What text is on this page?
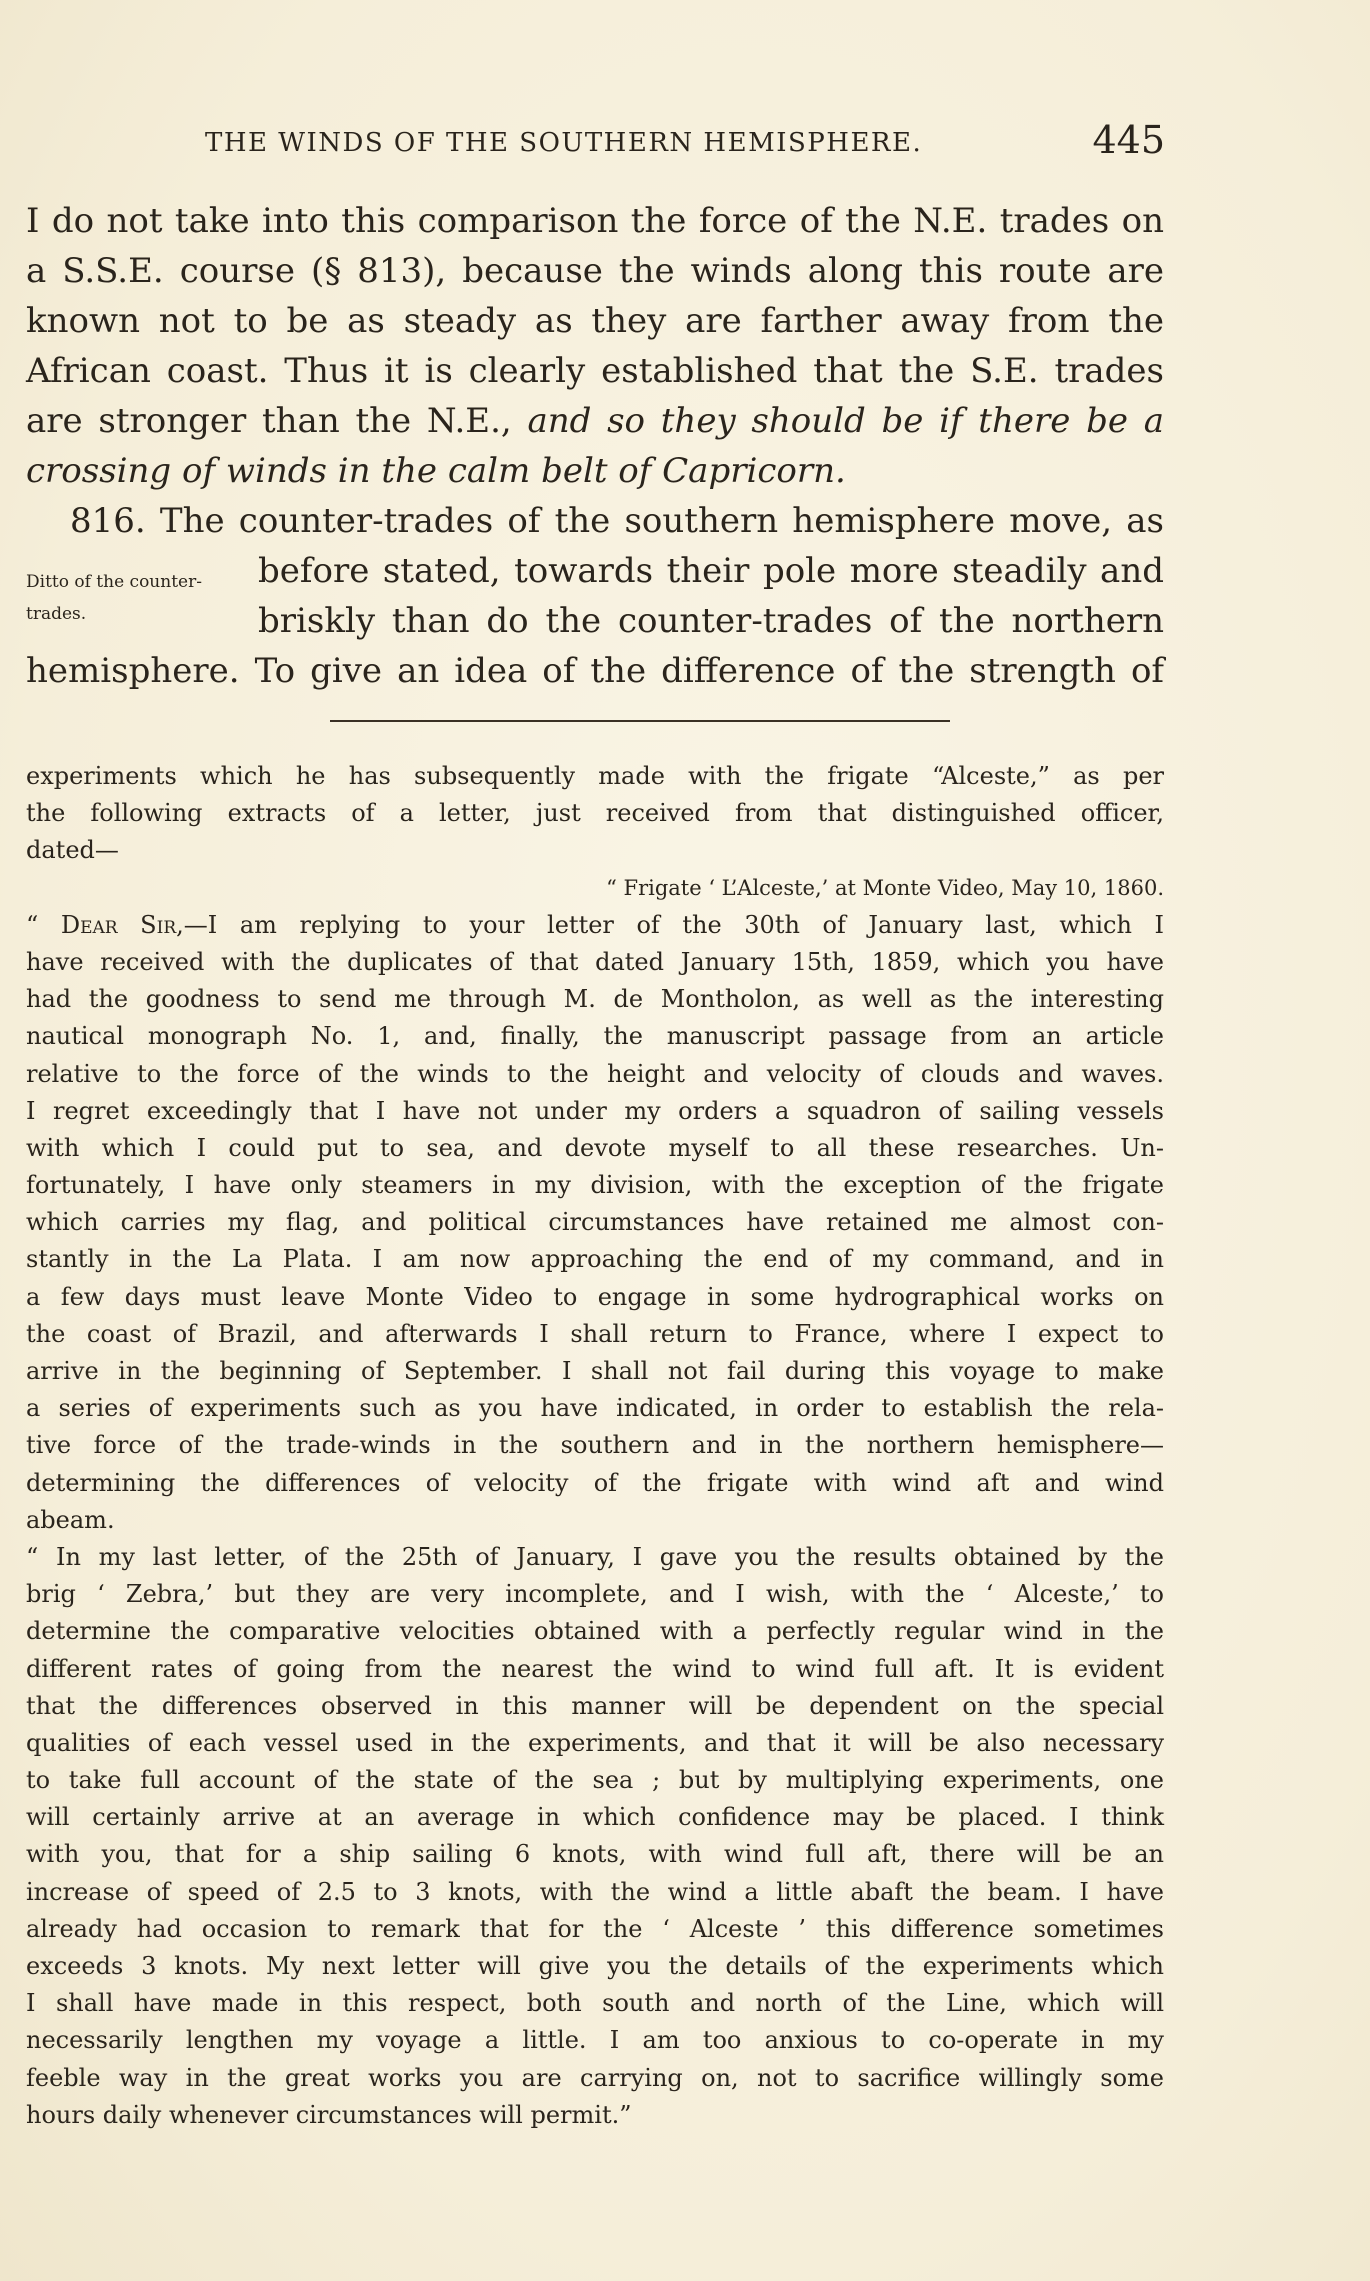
THE WINDS OF THE SOUTHERN HEMISPHERE.	445
I do not take into this comparison the force of the N.E. trades on
a S.S.E. course (§ 813), because the winds along this route are
known not to be as steady as they are farther away from the
African coast. Thus it is clearly established that the S.E. trades
are stronger than the N.E., and so they should be if there be a
crossing of winds in the calm belt of Capricorn.
816. The counter-trades of the southern hemisphere move, as
before stated, towards their pole more steadily and
briskly than do the counter-trades of the northern
hemisphere. To give an idea of the difference of the strength of
Ditto of the counter-
trades.
experiments which he has subsequently made with the frigate “Alceste,” as per
the following extracts of a letter, just received from that distinguished officer,
dated—
“ Frigate ‘ L’Alceste,’ at Monte Video, May 10, 1860.
“ Dear Sir,—I am replying to your letter of the 30th of January last, which I
have received with the duplicates of that dated January 15th, 1859, which you have
had the goodness to send me through M. de Montholon, as well as the interesting
nautical monograph No. 1, and, finally, the manuscript passage from an article
relative to the force of the winds to the height and velocity of clouds and waves.
I regret exceedingly that I have not under my orders a squadron of sailing vessels
with which I could put to sea, and devote myself to all these researches. Un-
fortunately, I have only steamers in my division, with the exception of the frigate
which carries my flag, and political circumstances have retained me almost con-
stantly in the La Plata. I am now approaching the end of my command, and in
a few days must leave Monte Video to engage in some hydrographical works on
the coast of Brazil, and afterwards I shall return to France, where I expect to
arrive in the beginning of September. I shall not fail during this voyage to make
a series of experiments such as you have indicated, in order to establish the rela-
tive force of the trade-winds in the southern and in the northern hemisphere—
determining the differences of velocity of the frigate with wind aft and wind
abeam.
“ In my last letter, of the 25th of January, I gave you the results obtained by the
brig ‘ Zebra,’ but they are very incomplete, and I wish, with the ‘ Alceste,’ to
determine the comparative velocities obtained with a perfectly regular wind in the
different rates of going from the nearest the wind to wind full aft. It is evident
that the differences observed in this manner will be dependent on the special
qualities of each vessel used in the experiments, and that it will be also necessary
to take full account of the state of the sea ; but by multiplying experiments, one
will certainly arrive at an average in which confidence may be placed. I think
with you, that for a ship sailing 6 knots, with wind full aft, there will be an
increase of speed of 2.5 to 3 knots, with the wind a little abaft the beam. I have
already had occasion to remark that for the ‘ Alceste ’ this difference sometimes
exceeds 3 knots. My next letter will give you the details of the experiments which
I shall have made in this respect, both south and north of the Line, which will
necessarily lengthen my voyage a little. I am too anxious to co-operate in my
feeble way in the great works you are carrying on, not to sacrifice willingly some
hours daily whenever circumstances will permit.”
